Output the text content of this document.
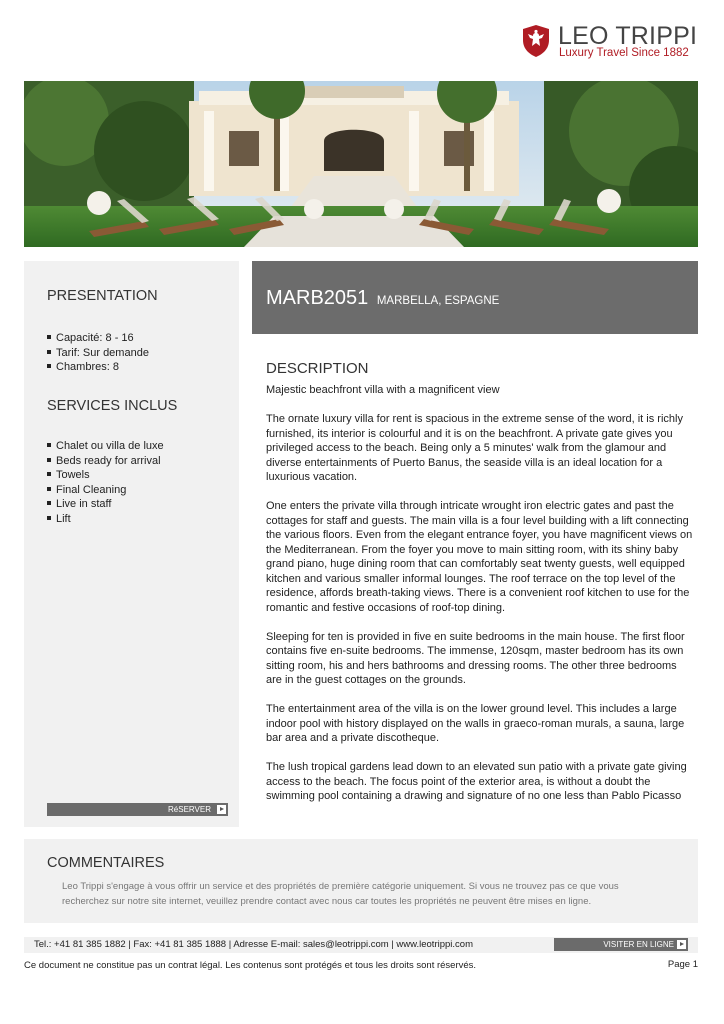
LEO TRIPPI
Luxury Travel Since 1882
PRESENTATION
Capacité: 8 - 16
Tarif: Sur demande
Chambres: 8
SERVICES INCLUS
Chalet ou villa de luxe
Beds ready for arrival
Towels
Final Cleaning
Live in staff
Lift
RéSERVER
MARB2051 MARBELLA, ESPAGNE
DESCRIPTION

Majestic beachfront villa with a magnificent view

The ornate luxury villa for rent is spacious in the extreme sense of the word, it is richly furnished, its interior is colourful and it is on the beachfront. A private gate gives you privileged access to the beach. Being only a 5 minutes' walk from the glamour and diverse entertainments of Puerto Banus, the seaside villa is an ideal location for a luxurious vacation.

One enters the private villa through intricate wrought iron electric gates and past the cottages for staff and guests. The main villa is a four level building with a lift connecting the various floors. Even from the elegant entrance foyer, you have magnificent views on the Mediterranean. From the foyer you move to main sitting room, with its shiny baby grand piano, huge dining room that can comfortably seat twenty guests, well equipped kitchen and various smaller informal lounges. The roof terrace on the top level of the residence, affords breath-taking views. There is a convenient roof kitchen to use for the romantic and festive occasions of roof-top dining.

Sleeping for ten is provided in five en suite bedrooms in the main house. The first floor contains five en-suite bedrooms. The immense, 120sqm, master bedroom has its own sitting room, his and hers bathrooms and dressing rooms. The other three bedrooms are in the guest cottages on the grounds.

The entertainment area of the villa is on the lower ground level. This includes a large indoor pool with history displayed on the walls in graeco-roman murals, a sauna, large bar area and a private discotheque.

The lush tropical gardens lead down to an elevated sun patio with a private gate giving access to the beach. The focus point of the exterior area, is without a doubt the swimming pool containing a drawing and signature of no one less than Pablo Picasso

COMMENTAIRES
Leo Trippi s'engage à vous offrir un service et des propriétés de première catégorie uniquement. Si vous ne trouvez pas ce que vous recherchez sur notre site internet, veuillez prendre contact avec nous car toutes les propriétés ne peuvent être mises en ligne.
Tel.: +41 81 385 1882 | Fax: +41 81 385 1888 | Adresse E-mail: sales@leotrippi.com | www.leotrippi.com	VISITER EN LIGNE
Ce document ne constitue pas un contrat légal. Les contenus sont protégés et tous les droits sont réservés.	Page 1
